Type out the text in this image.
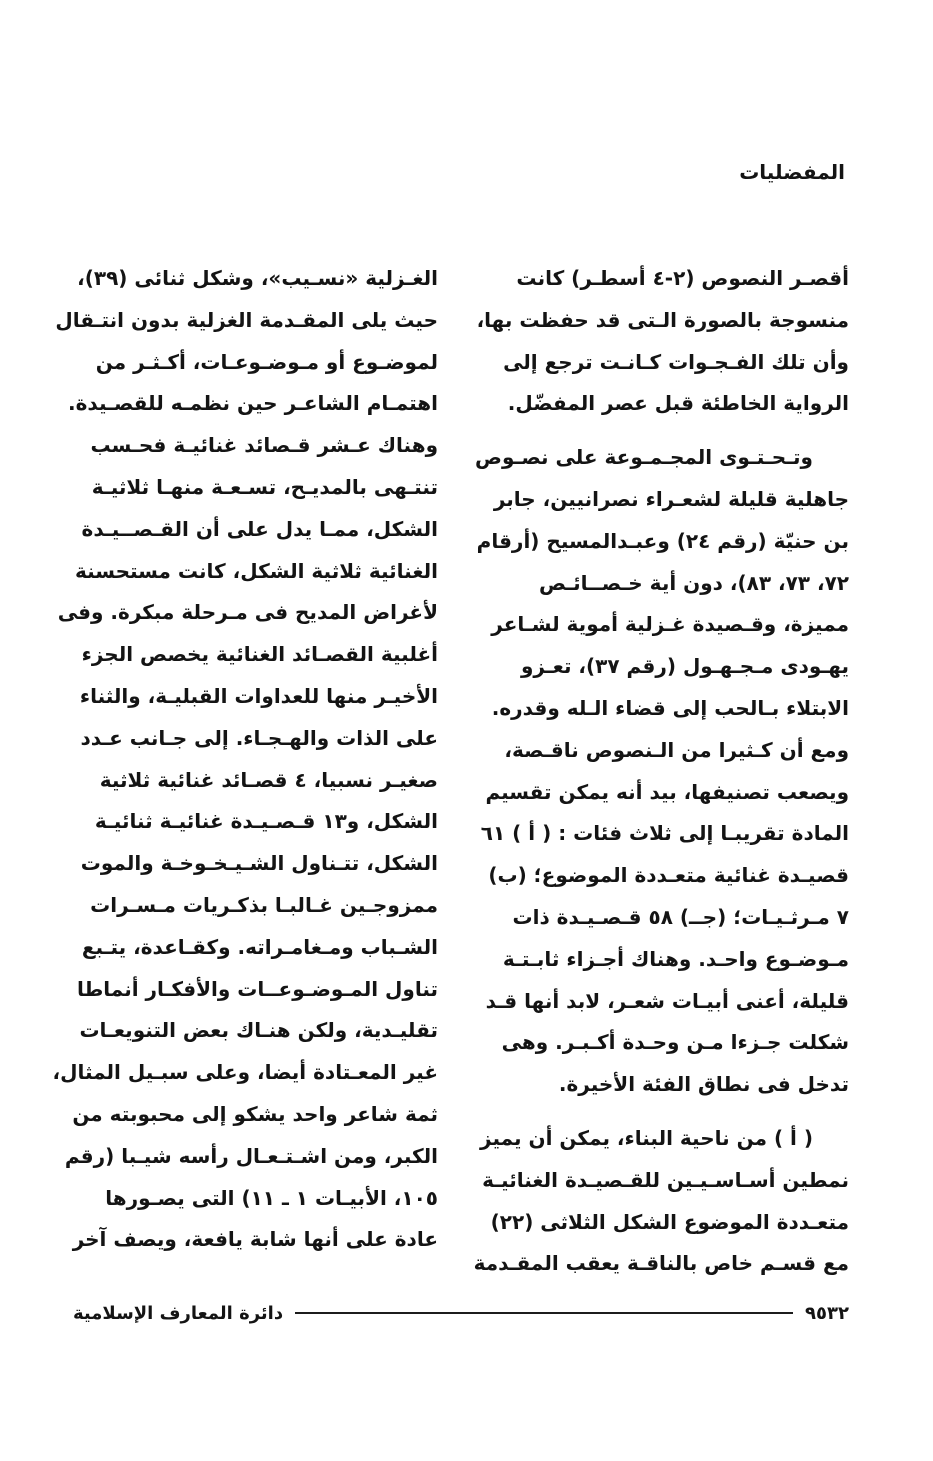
المفضليات
أقصـر النصوص (٢-٤ أسطـر) كانت
منسوجة بالصورة الـتى قد حفظت بها،
وأن تلك الفـجـوات كـانـت ترجع إلى
الرواية الخاطئة قبل عصر المفضّل.
وتـحـتـوى المجـمـوعة على نصـوص
جاهلية قليلة لشعـراء نصرانيين، جابر
بن حنيّة (رقم ٢٤) وعبـدالمسيح (أرقام
٧٢، ٧٣، ٨٣)، دون أية خـصــائـص
مميزة، وقـصيدة غـزلية أموية لشـاعر
يهـودى مـجـهـول (رقم ٣٧)، تعـزو
الابتلاء بـالحب إلى قضاء الـله وقدره.
ومع أن كـثيرا من الـنصوص ناقـصة،
ويصعب تصنيفها، بيد أنه يمكن تقسيم
المادة تقريبـا إلى ثلاث فئات : ( أ ) ٦١
قصيـدة غنائية متعـددة الموضوع؛ (ب)
٧ مـرثـيـات؛ (جــ) ٥٨ قـصـيـدة ذات
مـوضـوع واحـد. وهناك أجـزاء ثابـتـة
قليلة، أعنى أبيـات شعـر، لابد أنها قـد
شكلت جـزءا مـن وحـدة أكـبـر. وهى
تدخل فى نطاق الفئة الأخيرة.
( أ ) من ناحية البناء، يمكن أن يميز
نمطين أسـاسـيـين للقـصيـدة الغنائيـة
متعـددة الموضوع الشكل الثلاثى (٢٢)
مع قسـم خاص بالناقـة يعقب المقـدمة
الغـزلية «نسـيب»، وشكل ثنائى (٣٩)،
حيث يلى المقـدمة الغزلية بدون انتـقال
لموضـوع أو مـوضـوعـات، أكـثـر من
اهتمـام الشاعـر حين نظمـه للقصـيدة.
وهناك عـشر قـصائد غنائيـة فحـسب
تنتـهى بالمديـح، تسـعـة منهـا ثلاثيـة
الشكل، ممـا يدل على أن القـصــيـدة
الغنائية ثلاثية الشكل، كانت مستحسنة
لأغراض المديح فى مـرحلة مبكرة. وفى
أغلبية القصـائد الغنائية يخصص الجزء
الأخيـر منها للعداوات القبليـة، والثناء
على الذات والهـجـاء. إلى جـانب عـدد
صغيـر نسبيا، ٤ قصـائد غنائية ثلاثية
الشكل، و١٣ قـصـيـدة غنائيـة ثنائيـة
الشكل، تتـناول الشـيـخـوخـة والموت
ممزوجـين غـالبـا بذكـريات مـسـرات
الشـباب ومـغامـراته. وكقـاعدة، يتـبع
تناول المـوضـوعــات والأفكـار أنماطا
تقليـدية، ولكن هنـاك بعض التنويعـات
غير المعـتادة أيضا، وعلى سبـيل المثال،
ثمة شاعر واحد يشكو إلى محبوبته من
الكبر، ومن اشـتـعـال رأسه شيـبا (رقم
١٠٥، الأبيـات ١ ـ ١١) التى يصـورها
عادة على أنها شابة يافعة، ويصف آخر
٩٥٣٢
دائرة المعارف الإسلامية
